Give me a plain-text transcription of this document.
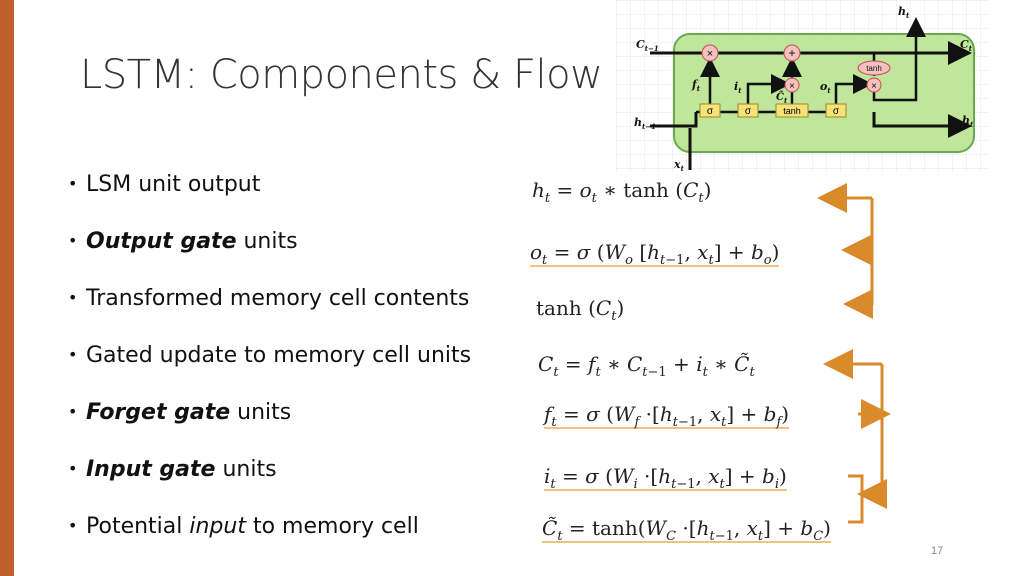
LSTM: Components & Flow	×	+
×
tanh
×
σ	σ	tanh	σ
$h_t$
$C_{t-1}$	$C_t$
$h_{t-1}$	$h_t$
$x_t$
$f_t$	$i_t$
$C̃_t$
$o_t$
• LSM unit output
• Output gate units
• Transformed memory cell contents
• Gated update to memory cell units
• Forget gate units
• Input gate units
• Potential input to memory cell
$h_t = o_t$ ∗ $\tanh (C_t)$
$o_t = \sigma$ ($W_o$ [$h_{t-1}$, $x_t] + b_o$)
$\tanh (C_t)$
$C_t = f_t$ ∗ $C_{t-1} + i_t$ ∗ $C̃_t$
$f_t = \sigma$ ($W_f \cdot[h_{t-1}$, $x_t] + b_f$)
$i_t = \sigma$ ($W_i \cdot[h_{t-1}$, $x_t] + b_i$)
$C̃_t = \tanh(W_C \cdot[h_{t-1}$, $x_t] + b_C$)
17
